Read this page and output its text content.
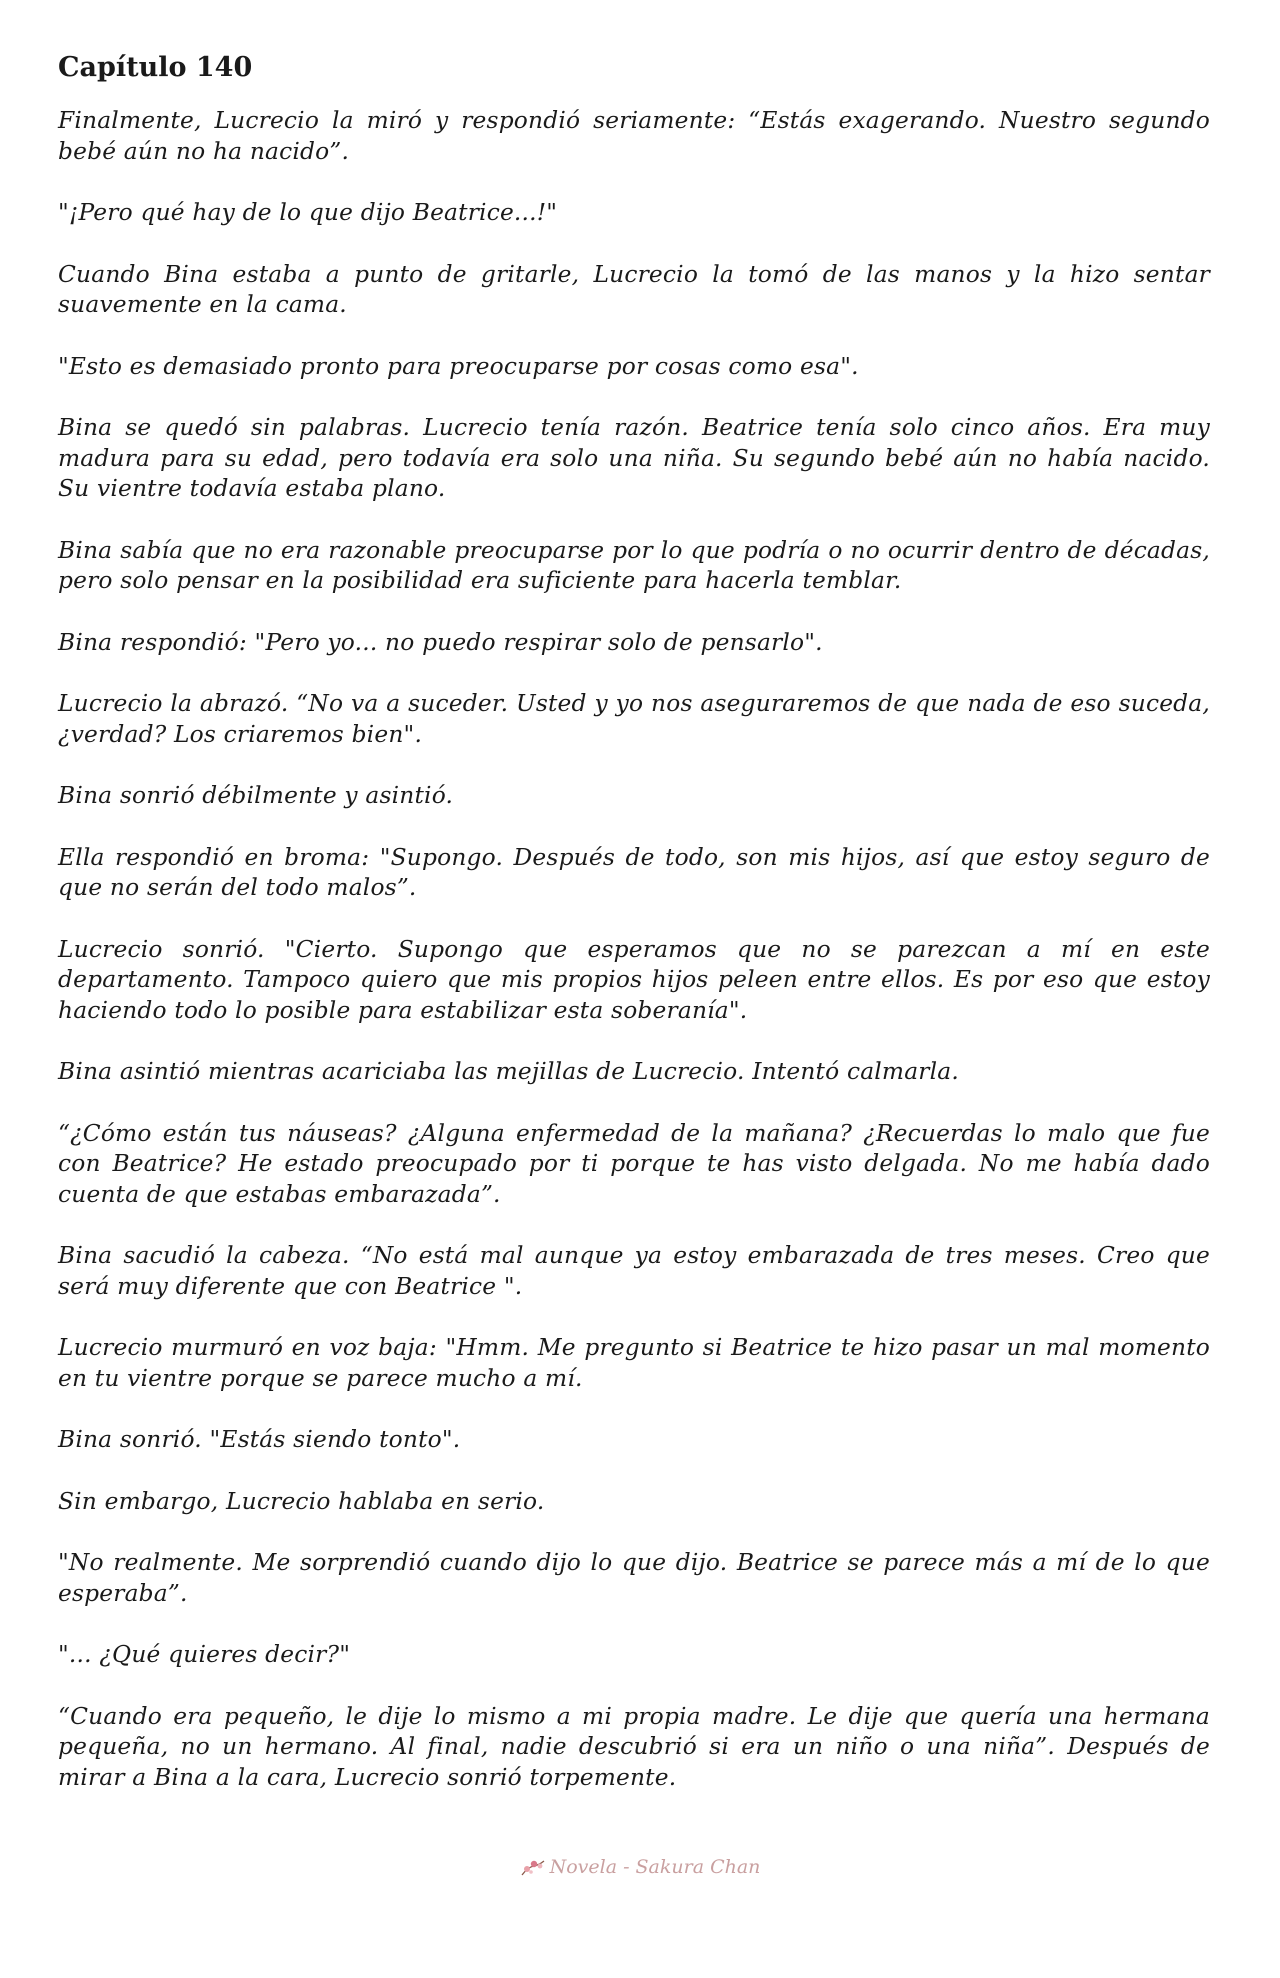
Capítulo 140

Finalmente, Lucrecio la miró y respondió seriamente: “Estás exagerando. Nuestro segundo bebé aún no ha nacido”.

"¡Pero qué hay de lo que dijo Beatrice...!"

Cuando Bina estaba a punto de gritarle, Lucrecio la tomó de las manos y la hizo sentar suavemente en la cama.

"Esto es demasiado pronto para preocuparse por cosas como esa".

Bina se quedó sin palabras. Lucrecio tenía razón. Beatrice tenía solo cinco años. Era muy madura para su edad, pero todavía era solo una niña. Su segundo bebé aún no había nacido. Su vientre todavía estaba plano.

Bina sabía que no era razonable preocuparse por lo que podría o no ocurrir dentro de décadas, pero solo pensar en la posibilidad era suficiente para hacerla temblar.

Bina respondió: "Pero yo... no puedo respirar solo de pensarlo".

Lucrecio la abrazó. “No va a suceder. Usted y yo nos aseguraremos de que nada de eso suceda, ¿verdad? Los criaremos bien".

Bina sonrió débilmente y asintió.

Ella respondió en broma: "Supongo. Después de todo, son mis hijos, así que estoy seguro de que no serán del todo malos”.

Lucrecio sonrió. "Cierto. Supongo que esperamos que no se parezcan a mí en este departamento. Tampoco quiero que mis propios hijos peleen entre ellos. Es por eso que estoy haciendo todo lo posible para estabilizar esta soberanía".

Bina asintió mientras acariciaba las mejillas de Lucrecio. Intentó calmarla.

“¿Cómo están tus náuseas? ¿Alguna enfermedad de la mañana? ¿Recuerdas lo malo que fue con Beatrice? He estado preocupado por ti porque te has visto delgada. No me había dado cuenta de que estabas embarazada”.

Bina sacudió la cabeza. “No está mal aunque ya estoy embarazada de tres meses. Creo que será muy diferente que con Beatrice ".

Lucrecio murmuró en voz baja: "Hmm. Me pregunto si Beatrice te hizo pasar un mal momento en tu vientre porque se parece mucho a mí.

Bina sonrió. "Estás siendo tonto".

Sin embargo, Lucrecio hablaba en serio.

"No realmente. Me sorprendió cuando dijo lo que dijo. Beatrice se parece más a mí de lo que esperaba”.

"... ¿Qué quieres decir?"

“Cuando era pequeño, le dije lo mismo a mi propia madre. Le dije que quería una hermana pequeña, no un hermano. Al final, nadie descubrió si era un niño o una niña”. Después de mirar a Bina a la cara, Lucrecio sonrió torpemente.

Novela - Sakura Chan
